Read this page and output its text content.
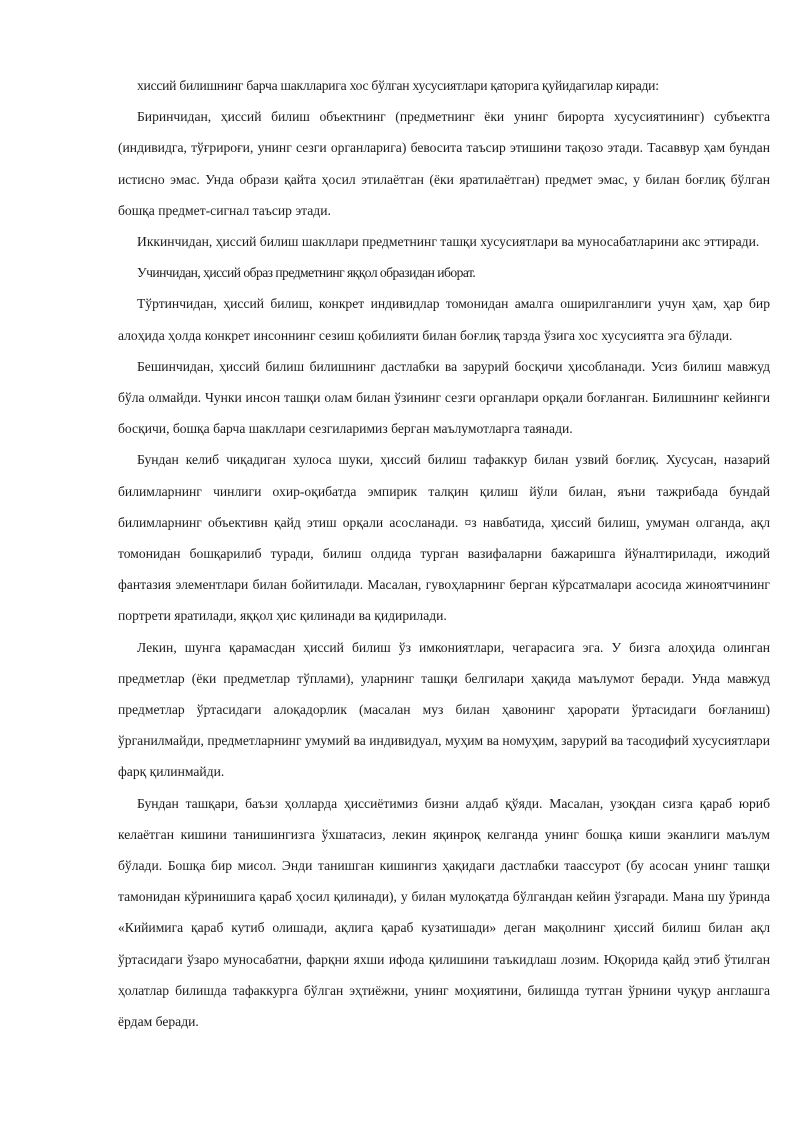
хиссий билишнинг барча шаклларига хос бўлган хусусиятлари қаторига қуйидагилар киради:

Биринчидан, ҳиссий билиш объектнинг (предметнинг ёки унинг бирорта хусусиятининг) субъектга (индивидга, тўғрироғи, унинг сезги органларига) бевосита таъсир этишини тақозо этади. Тасаввур ҳам бундан истисно эмас. Унда образи қайта ҳосил этилаётган (ёки яратилаётган) предмет эмас, у билан боғлиқ бўлган бошқа предмет-сигнал таъсир этади.

Иккинчидан, ҳиссий билиш шакллари предметнинг ташқи хусусиятлари ва муносабатларини акс эттиради.

Учинчидан, ҳиссий образ предметнинг яққол образидан иборат.

Тўртинчидан, ҳиссий билиш, конкрет индивидлар томонидан амалга оширилганлиги учун ҳам, ҳар бир алоҳида ҳолда конкрет инсоннинг сезиш қобилияти билан боғлиқ тарзда ўзига хос хусусиятга эга бўлади.

Бешинчидан, ҳиссий билиш билишнинг дастлабки ва зарурий босқичи ҳисобланади. Усиз билиш мавжуд бўла олмайди. Чунки инсон ташқи олам билан ўзининг сезги органлари орқали боғланган. Билишнинг кейинги босқичи, бошқа барча шакллари сезгиларимиз берган маълумотларга таянади.

Бундан келиб чиқадиган хулоса шуки, ҳиссий билиш тафаккур билан узвий боғлиқ. Хусусан, назарий билимларнинг чинлиги охир-оқибатда эмпирик талқин қилиш йўли билан, яъни тажрибада бундай билимларнинг объективн қайд этиш орқали асосланади. ¤з навбатида, ҳиссий билиш, умуман олганда, ақл томонидан бошқарилиб туради, билиш олдида турган вазифаларни бажаришга йўналтирилади, ижодий фантазия элементлари билан бойитилади. Масалан, гувоҳларнинг берган кўрсатмалари асосида жиноятчининг портрети яратилади, яққол ҳис қилинади ва қидирилади.

Лекин, шунга қарамасдан ҳиссий билиш ўз имкониятлари, чегарасига эга. У бизга алоҳида олинган предметлар (ёки предметлар тўплами), уларнинг ташқи белгилари ҳақида маълумот беради. Унда мавжуд предметлар ўртасидаги алоқадорлик (масалан муз билан ҳавонинг ҳарорати ўртасидаги боғланиш) ўрганилмайди, предметларнинг умумий ва индивидуал, муҳим ва номуҳим, зарурий ва тасодифий хусусиятлари фарқ қилинмайди.

Бундан ташқари, баъзи ҳолларда ҳиссиётимиз бизни алдаб қўяди. Масалан, узоқдан сизга қараб юриб келаётган кишини танишингизга ўхшатасиз, лекин яқинроқ келганда унинг бошқа киши эканлиги маълум бўлади. Бошқа бир мисол. Энди танишган кишингиз ҳақидаги дастлабки таассурот (бу асосан унинг ташқи тамонидан кўринишига қараб ҳосил қилинади), у билан мулоқатда бўлгандан кейин ўзгаради. Мана шу ўринда «Кийимига қараб кутиб олишади, ақлига қараб кузатишади» деган мақолнинг ҳиссий билиш билан ақл ўртасидаги ўзаро муносабатни, фарқни яхши ифода қилишини таъкидлаш лозим. Юқорида қайд этиб ўтилган ҳолатлар билишда тафаккурга бўлган эҳтиёжни, унинг моҳиятини, билишда тутган ўрнини чуқур англашга ёрдам беради.
